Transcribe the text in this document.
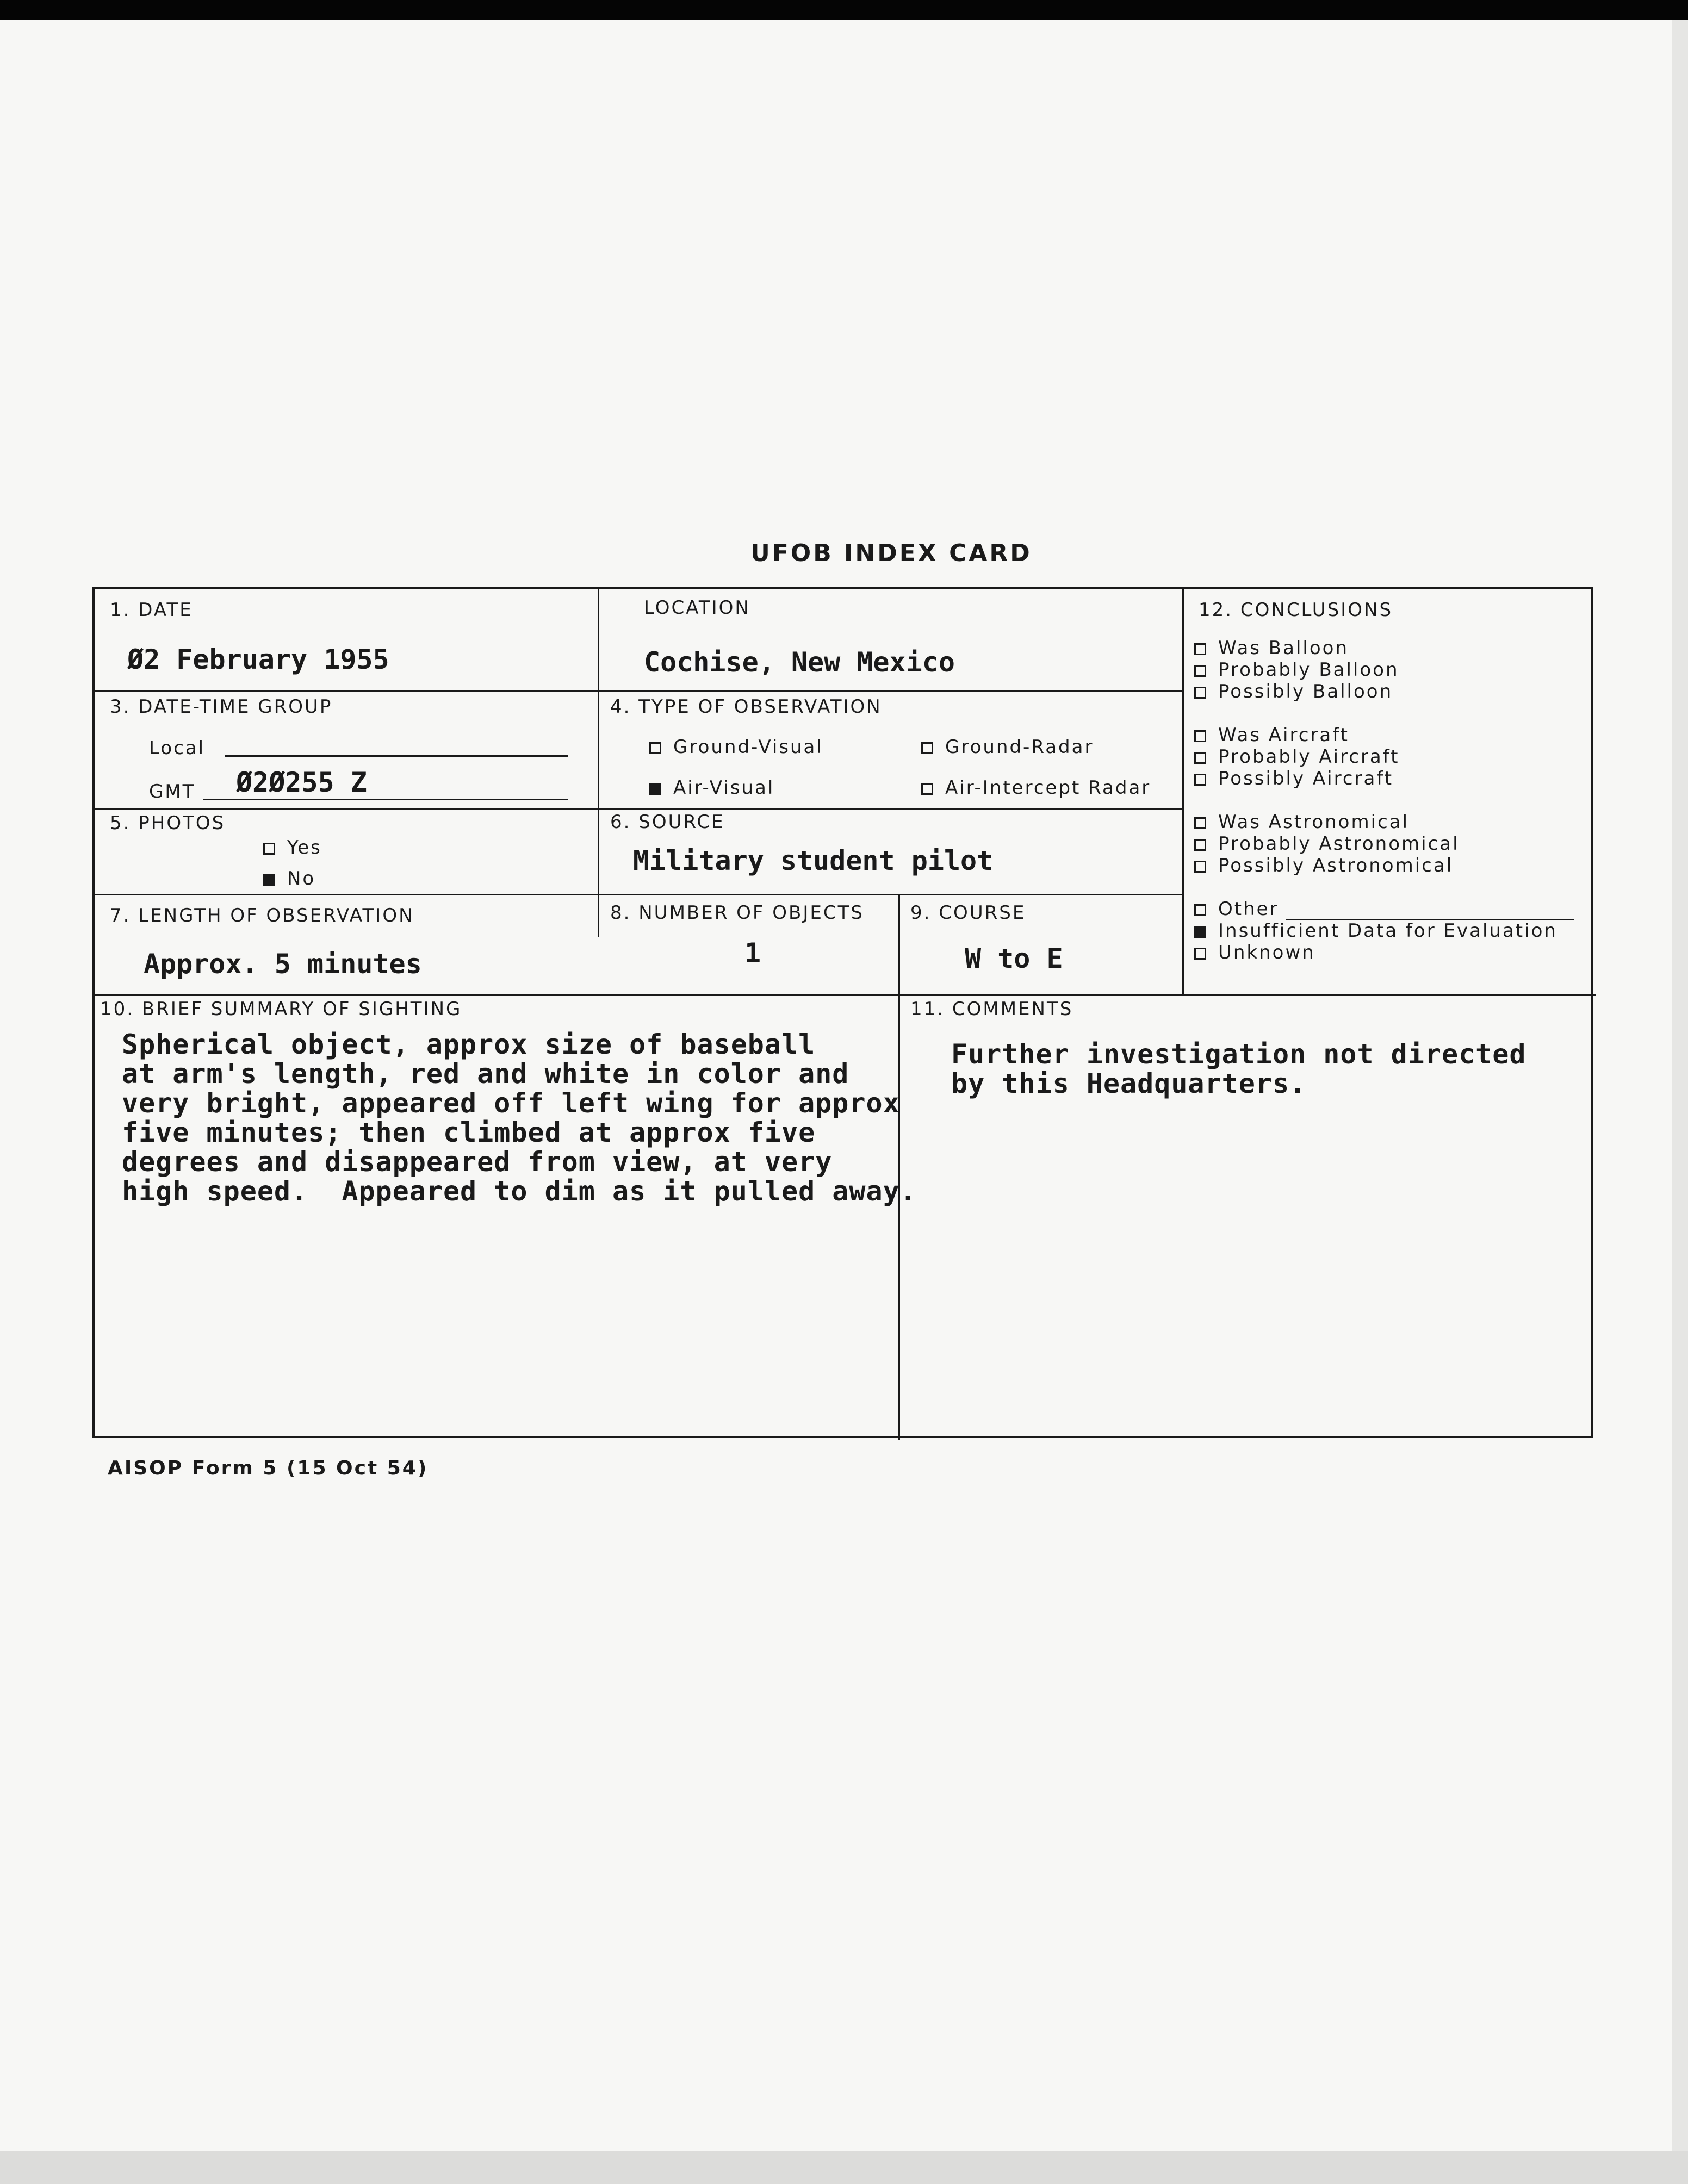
UFOB INDEX CARD
1. DATE
Ø2 February 1955
LOCATION
Cochise, New Mexico
3. DATE-TIME GROUP
Local
GMT Ø2Ø255 Z
4. TYPE OF OBSERVATION
Ground-Visual	Ground-Radar
Air-Visual	Air-Intercept Radar
5. PHOTOS
Yes
No
6. SOURCE
Military student pilot
7. LENGTH OF OBSERVATION
Approx. 5 minutes
8. NUMBER OF OBJECTS
1
9. COURSE
W to E
10. BRIEF SUMMARY OF SIGHTING
Spherical object, approx size of baseball
at arm's length, red and white in color and
very bright, appeared off left wing for approx
five minutes; then climbed at approx five
degrees and disappeared from view, at very
high speed.  Appeared to dim as it pulled away.
11. COMMENTS
Further investigation not directed
by this Headquarters.
12. CONCLUSIONS
Was Balloon
Probably Balloon
Possibly Balloon
Was Aircraft
Probably Aircraft
Possibly Aircraft
Was Astronomical
Probably Astronomical
Possibly Astronomical
Other
Insufficient Data for Evaluation
Unknown
AISOP Form 5 (15 Oct 54)
